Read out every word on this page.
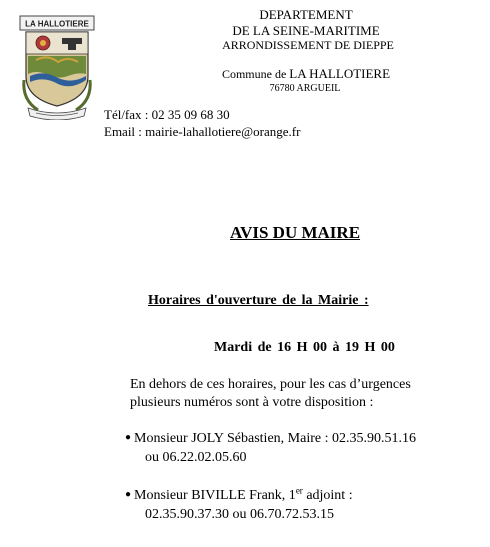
LA HALLOTIERE
DEPARTEMENT
DE LA SEINE-MARITIME
ARRONDISSEMENT DE DIEPPE
Commune de LA HALLOTIERE
76780 ARGUEIL
Tél/fax : 02 35 09 68 30
Email : mairie-lahallotiere@orange.fr
AVIS DU MAIRE
Horaires d'ouverture de la Mairie :
Mardi de 16 H 00 à 19 H 00
En dehors de ces horaires, pour les cas d’urgences
plusieurs numéros sont à votre disposition :
● Monsieur JOLY Sébastien, Maire : 02.35.90.51.16
ou 06.22.02.05.60
● Monsieur BIVILLE Frank, 1er adjoint :
02.35.90.37.30 ou 06.70.72.53.15
